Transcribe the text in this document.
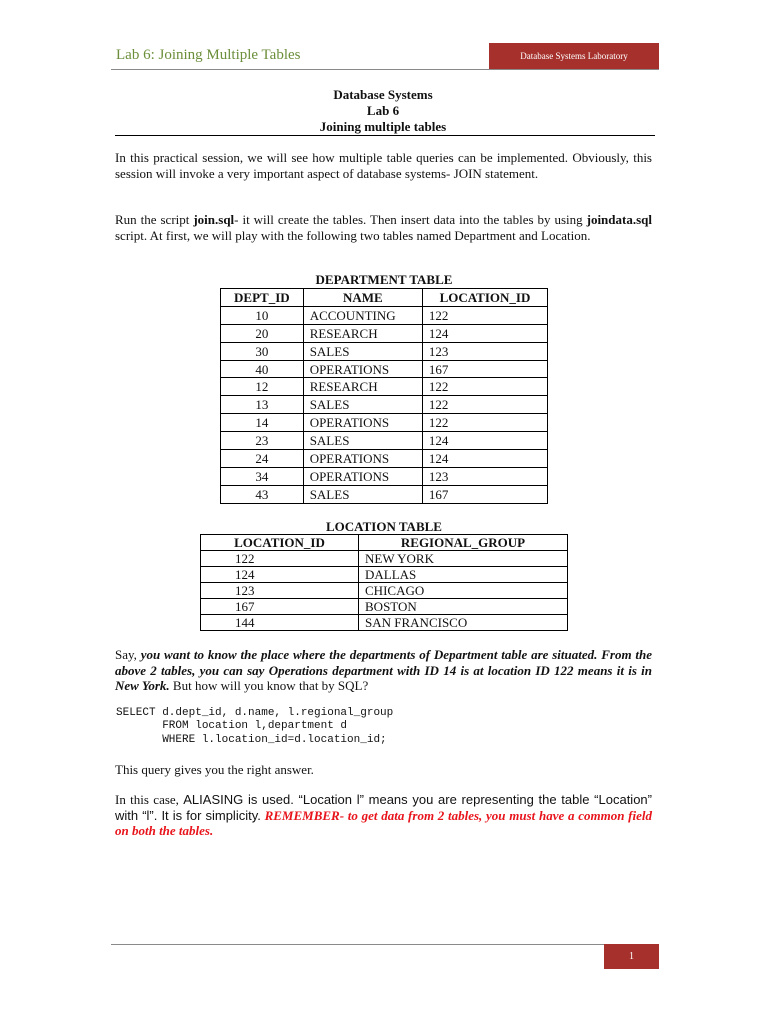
Lab 6: Joining Multiple Tables	Database Systems Laboratory
Database Systems
Lab 6
Joining multiple tables

In this practical session, we will see how multiple table queries can be implemented. Obviously, this session will invoke a very important aspect of database systems- JOIN statement.

Run the script join.sql- it will create the tables. Then insert data into the tables by using joindata.sql script. At first, we will play with the following two tables named Department and Location.

DEPARTMENT TABLE
DEPT_ID	NAME	LOCATION_ID
10	ACCOUNTING	122
20	RESEARCH	124
30	SALES	123
40	OPERATIONS	167
12	RESEARCH	122
13	SALES	122
14	OPERATIONS	122
23	SALES	124
24	OPERATIONS	124
34	OPERATIONS	123
43	SALES	167
LOCATION TABLE
LOCATION_ID	REGIONAL_GROUP
122	NEW YORK
124	DALLAS
123	CHICAGO
167	BOSTON
144	SAN FRANCISCO

Say, you want to know the place where the departments of Department table are situated. From the above 2 tables, you can say Operations department with ID 14 is at location ID 122 means it is in New York. But how will you know that by SQL?

SELECT d.dept_id, d.name, l.regional_group
FROM location l,department d
WHERE l.location_id=d.location_id;

This query gives you the right answer.

In this case, ALIASING is used. “Location l” means you are representing the table “Location” with “l”. It is for simplicity. REMEMBER- to get data from 2 tables, you must have a common field on both the tables.

1
